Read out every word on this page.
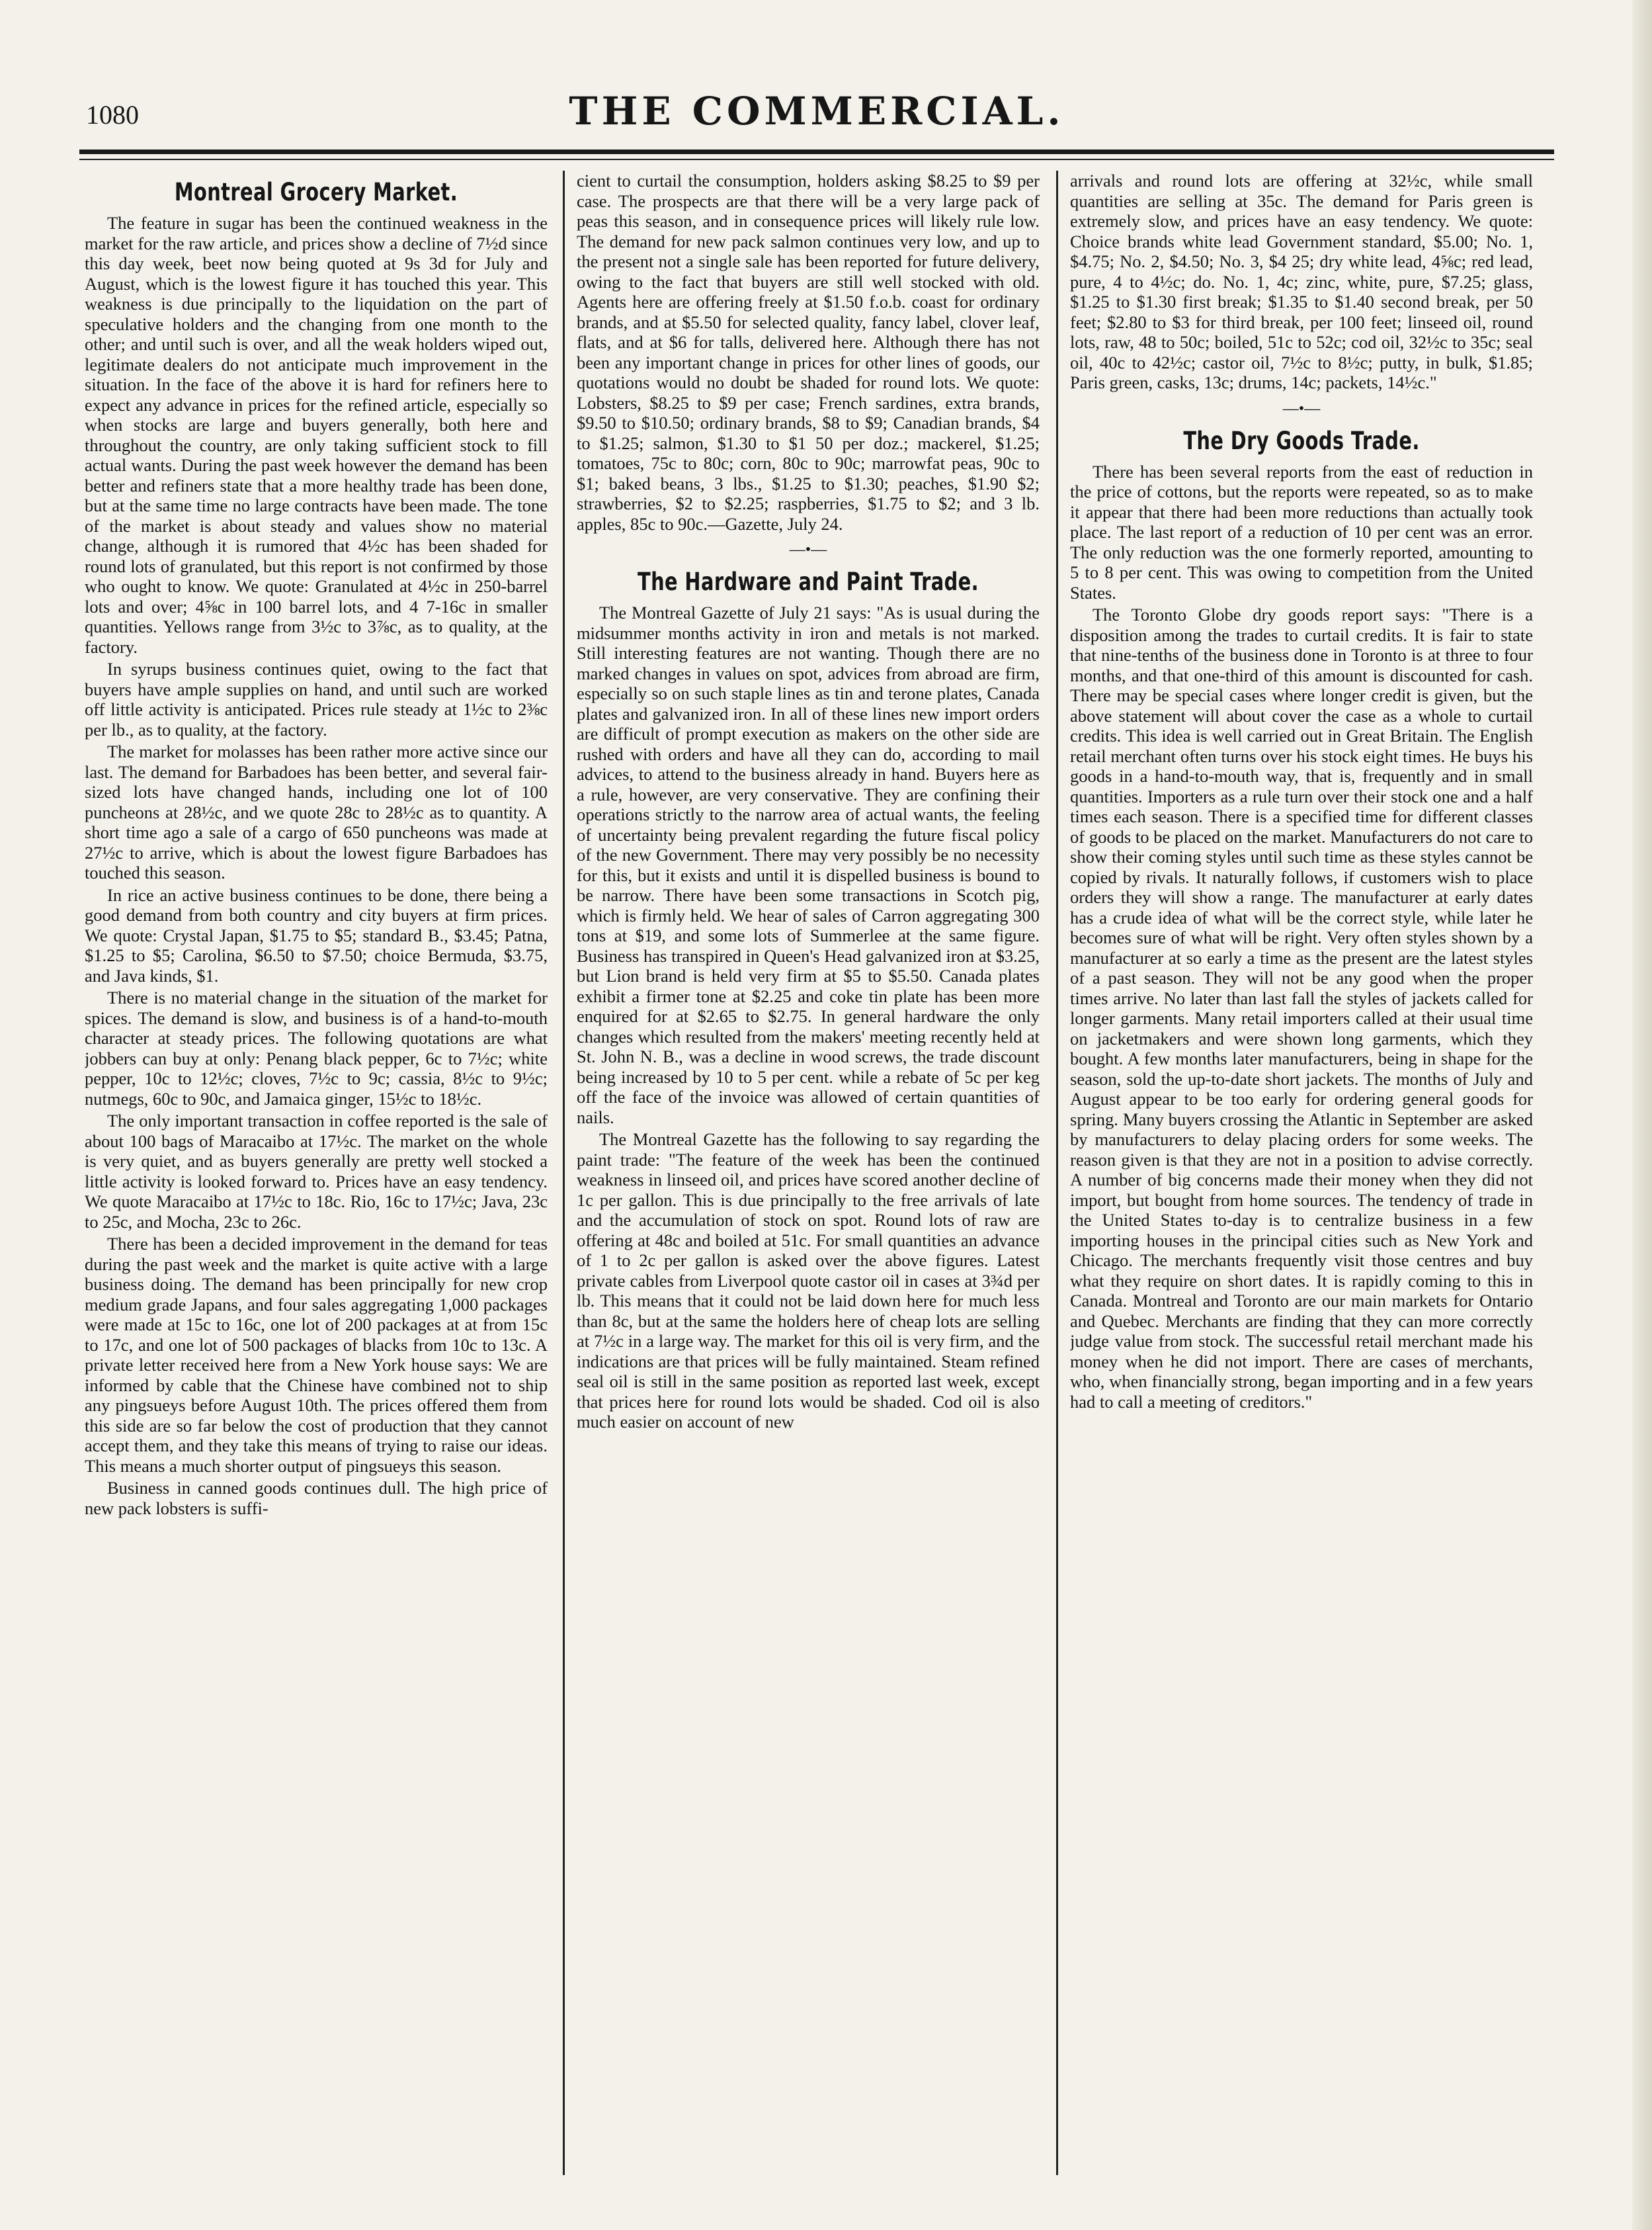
1080	THE COMMERCIAL.
Montreal Grocery Market.

The feature in sugar has been the continued weakness in the market for the raw article, and prices show a decline of 7½d since this day week, beet now being quoted at 9s 3d for July and August, which is the lowest figure it has touched this year. This weakness is due principally to the liquidation on the part of speculative holders and the changing from one month to the other; and until such is over, and all the weak holders wiped out, legitimate dealers do not anticipate much improvement in the situation. In the face of the above it is hard for refiners here to expect any advance in prices for the refined article, especially so when stocks are large and buyers generally, both here and throughout the country, are only taking sufficient stock to fill actual wants. During the past week however the demand has been better and refiners state that a more healthy trade has been done, but at the same time no large contracts have been made. The tone of the market is about steady and values show no material change, although it is rumored that 4½c has been shaded for round lots of granulated, but this report is not confirmed by those who ought to know. We quote: Granulated at 4½c in 250-barrel lots and over; 4⅝c in 100 barrel lots, and 4 7-16c in smaller quantities. Yellows range from 3½c to 3⅞c, as to quality, at the factory.

In syrups business continues quiet, owing to the fact that buyers have ample supplies on hand, and until such are worked off little activity is anticipated. Prices rule steady at 1½c to 2⅜c per lb., as to quality, at the factory.

The market for molasses has been rather more active since our last. The demand for Barbadoes has been better, and several fair-sized lots have changed hands, including one lot of 100 puncheons at 28½c, and we quote 28c to 28½c as to quantity. A short time ago a sale of a cargo of 650 puncheons was made at 27½c to arrive, which is about the lowest figure Barbadoes has touched this season.

In rice an active business continues to be done, there being a good demand from both country and city buyers at firm prices. We quote: Crystal Japan, $1.75 to $5; standard B., $3.45; Patna, $1.25 to $5; Carolina, $6.50 to $7.50; choice Bermuda, $3.75, and Java kinds, $1.

There is no material change in the situation of the market for spices. The demand is slow, and business is of a hand-to-mouth character at steady prices. The following quotations are what jobbers can buy at only: Penang black pepper, 6c to 7½c; white pepper, 10c to 12½c; cloves, 7½c to 9c; cassia, 8½c to 9½c; nutmegs, 60c to 90c, and Jamaica ginger, 15½c to 18½c.

The only important transaction in coffee reported is the sale of about 100 bags of Maracaibo at 17½c. The market on the whole is very quiet, and as buyers generally are pretty well stocked a little activity is looked forward to. Prices have an easy tendency. We quote Maracaibo at 17½c to 18c. Rio, 16c to 17½c; Java, 23c to 25c, and Mocha, 23c to 26c.

There has been a decided improvement in the demand for teas during the past week and the market is quite active with a large business doing. The demand has been principally for new crop medium grade Japans, and four sales aggregating 1,000 packages were made at 15c to 16c, one lot of 200 packages at at from 15c to 17c, and one lot of 500 packages of blacks from 10c to 13c. A private letter received here from a New York house says: We are informed by cable that the Chinese have combined not to ship any pingsueys before August 10th. The prices offered them from this side are so far below the cost of production that they cannot accept them, and they take this means of trying to raise our ideas. This means a much shorter output of pingsueys this season.

Business in canned goods continues dull. The high price of new pack lobsters is suffi-

cient to curtail the consumption, holders asking $8.25 to $9 per case. The prospects are that there will be a very large pack of peas this season, and in consequence prices will likely rule low. The demand for new pack salmon continues very low, and up to the present not a single sale has been reported for future delivery, owing to the fact that buyers are still well stocked with old. Agents here are offering freely at $1.50 f.o.b. coast for ordinary brands, and at $5.50 for selected quality, fancy label, clover leaf, flats, and at $6 for talls, delivered here. Although there has not been any important change in prices for other lines of goods, our quotations would no doubt be shaded for round lots. We quote: Lobsters, $8.25 to $9 per case; French sardines, extra brands, $9.50 to $10.50; ordinary brands, $8 to $9; Canadian brands, $4 to $1.25; salmon, $1.30 to $1 50 per doz.; mackerel, $1.25; tomatoes, 75c to 80c; corn, 80c to 90c; marrowfat peas, 90c to $1; baked beans, 3 lbs., $1.25 to $1.30; peaches, $1.90 $2; strawberries, $2 to $2.25; raspberries, $1.75 to $2; and 3 lb. apples, 85c to 90c.—Gazette, July 24.

—•—
The Hardware and Paint Trade.

The Montreal Gazette of July 21 says: "As is usual during the midsummer months activity in iron and metals is not marked. Still interesting features are not wanting. Though there are no marked changes in values on spot, advices from abroad are firm, especially so on such staple lines as tin and terone plates, Canada plates and galvanized iron. In all of these lines new import orders are difficult of prompt execution as makers on the other side are rushed with orders and have all they can do, according to mail advices, to attend to the business already in hand. Buyers here as a rule, however, are very conservative. They are confining their operations strictly to the narrow area of actual wants, the feeling of uncertainty being prevalent regarding the future fiscal policy of the new Government. There may very possibly be no necessity for this, but it exists and until it is dispelled business is bound to be narrow. There have been some transactions in Scotch pig, which is firmly held. We hear of sales of Carron aggregating 300 tons at $19, and some lots of Summerlee at the same figure. Business has transpired in Queen's Head galvanized iron at $3.25, but Lion brand is held very firm at $5 to $5.50. Canada plates exhibit a firmer tone at $2.25 and coke tin plate has been more enquired for at $2.65 to $2.75. In general hardware the only changes which resulted from the makers' meeting recently held at St. John N. B., was a decline in wood screws, the trade discount being increased by 10 to 5 per cent. while a rebate of 5c per keg off the face of the invoice was allowed of certain quantities of nails.

The Montreal Gazette has the following to say regarding the paint trade: "The feature of the week has been the continued weakness in linseed oil, and prices have scored another decline of 1c per gallon. This is due principally to the free arrivals of late and the accumulation of stock on spot. Round lots of raw are offering at 48c and boiled at 51c. For small quantities an advance of 1 to 2c per gallon is asked over the above figures. Latest private cables from Liverpool quote castor oil in cases at 3¾d per lb. This means that it could not be laid down here for much less than 8c, but at the same the holders here of cheap lots are selling at 7½c in a large way. The market for this oil is very firm, and the indications are that prices will be fully maintained. Steam refined seal oil is still in the same position as reported last week, except that prices here for round lots would be shaded. Cod oil is also much easier on account of new

arrivals and round lots are offering at 32½c, while small quantities are selling at 35c. The demand for Paris green is extremely slow, and prices have an easy tendency. We quote: Choice brands white lead Government standard, $5.00; No. 1, $4.75; No. 2, $4.50; No. 3, $4 25; dry white lead, 4⅝c; red lead, pure, 4 to 4½c; do. No. 1, 4c; zinc, white, pure, $7.25; glass, $1.25 to $1.30 first break; $1.35 to $1.40 second break, per 50 feet; $2.80 to $3 for third break, per 100 feet; linseed oil, round lots, raw, 48 to 50c; boiled, 51c to 52c; cod oil, 32½c to 35c; seal oil, 40c to 42½c; castor oil, 7½c to 8½c; putty, in bulk, $1.85; Paris green, casks, 13c; drums, 14c; packets, 14½c."

—•—
The Dry Goods Trade.

There has been several reports from the east of reduction in the price of cottons, but the reports were repeated, so as to make it appear that there had been more reductions than actually took place. The last report of a reduction of 10 per cent was an error. The only reduction was the one formerly reported, amounting to 5 to 8 per cent. This was owing to competition from the United States.

The Toronto Globe dry goods report says: "There is a disposition among the trades to curtail credits. It is fair to state that nine-tenths of the business done in Toronto is at three to four months, and that one-third of this amount is discounted for cash. There may be special cases where longer credit is given, but the above statement will about cover the case as a whole to curtail credits. This idea is well carried out in Great Britain. The English retail merchant often turns over his stock eight times. He buys his goods in a hand-to-mouth way, that is, frequently and in small quantities. Importers as a rule turn over their stock one and a half times each season. There is a specified time for different classes of goods to be placed on the market. Manufacturers do not care to show their coming styles until such time as these styles cannot be copied by rivals. It naturally follows, if customers wish to place orders they will show a range. The manufacturer at early dates has a crude idea of what will be the correct style, while later he becomes sure of what will be right. Very often styles shown by a manufacturer at so early a time as the present are the latest styles of a past season. They will not be any good when the proper times arrive. No later than last fall the styles of jackets called for longer garments. Many retail importers called at their usual time on jacketmakers and were shown long garments, which they bought. A few months later manufacturers, being in shape for the season, sold the up-to-date short jackets. The months of July and August appear to be too early for ordering general goods for spring. Many buyers crossing the Atlantic in September are asked by manufacturers to delay placing orders for some weeks. The reason given is that they are not in a position to advise correctly. A number of big concerns made their money when they did not import, but bought from home sources. The tendency of trade in the United States to-day is to centralize business in a few importing houses in the principal cities such as New York and Chicago. The merchants frequently visit those centres and buy what they require on short dates. It is rapidly coming to this in Canada. Montreal and Toronto are our main markets for Ontario and Quebec. Merchants are finding that they can more correctly judge value from stock. The successful retail merchant made his money when he did not import. There are cases of merchants, who, when financially strong, began importing and in a few years had to call a meeting of creditors."
